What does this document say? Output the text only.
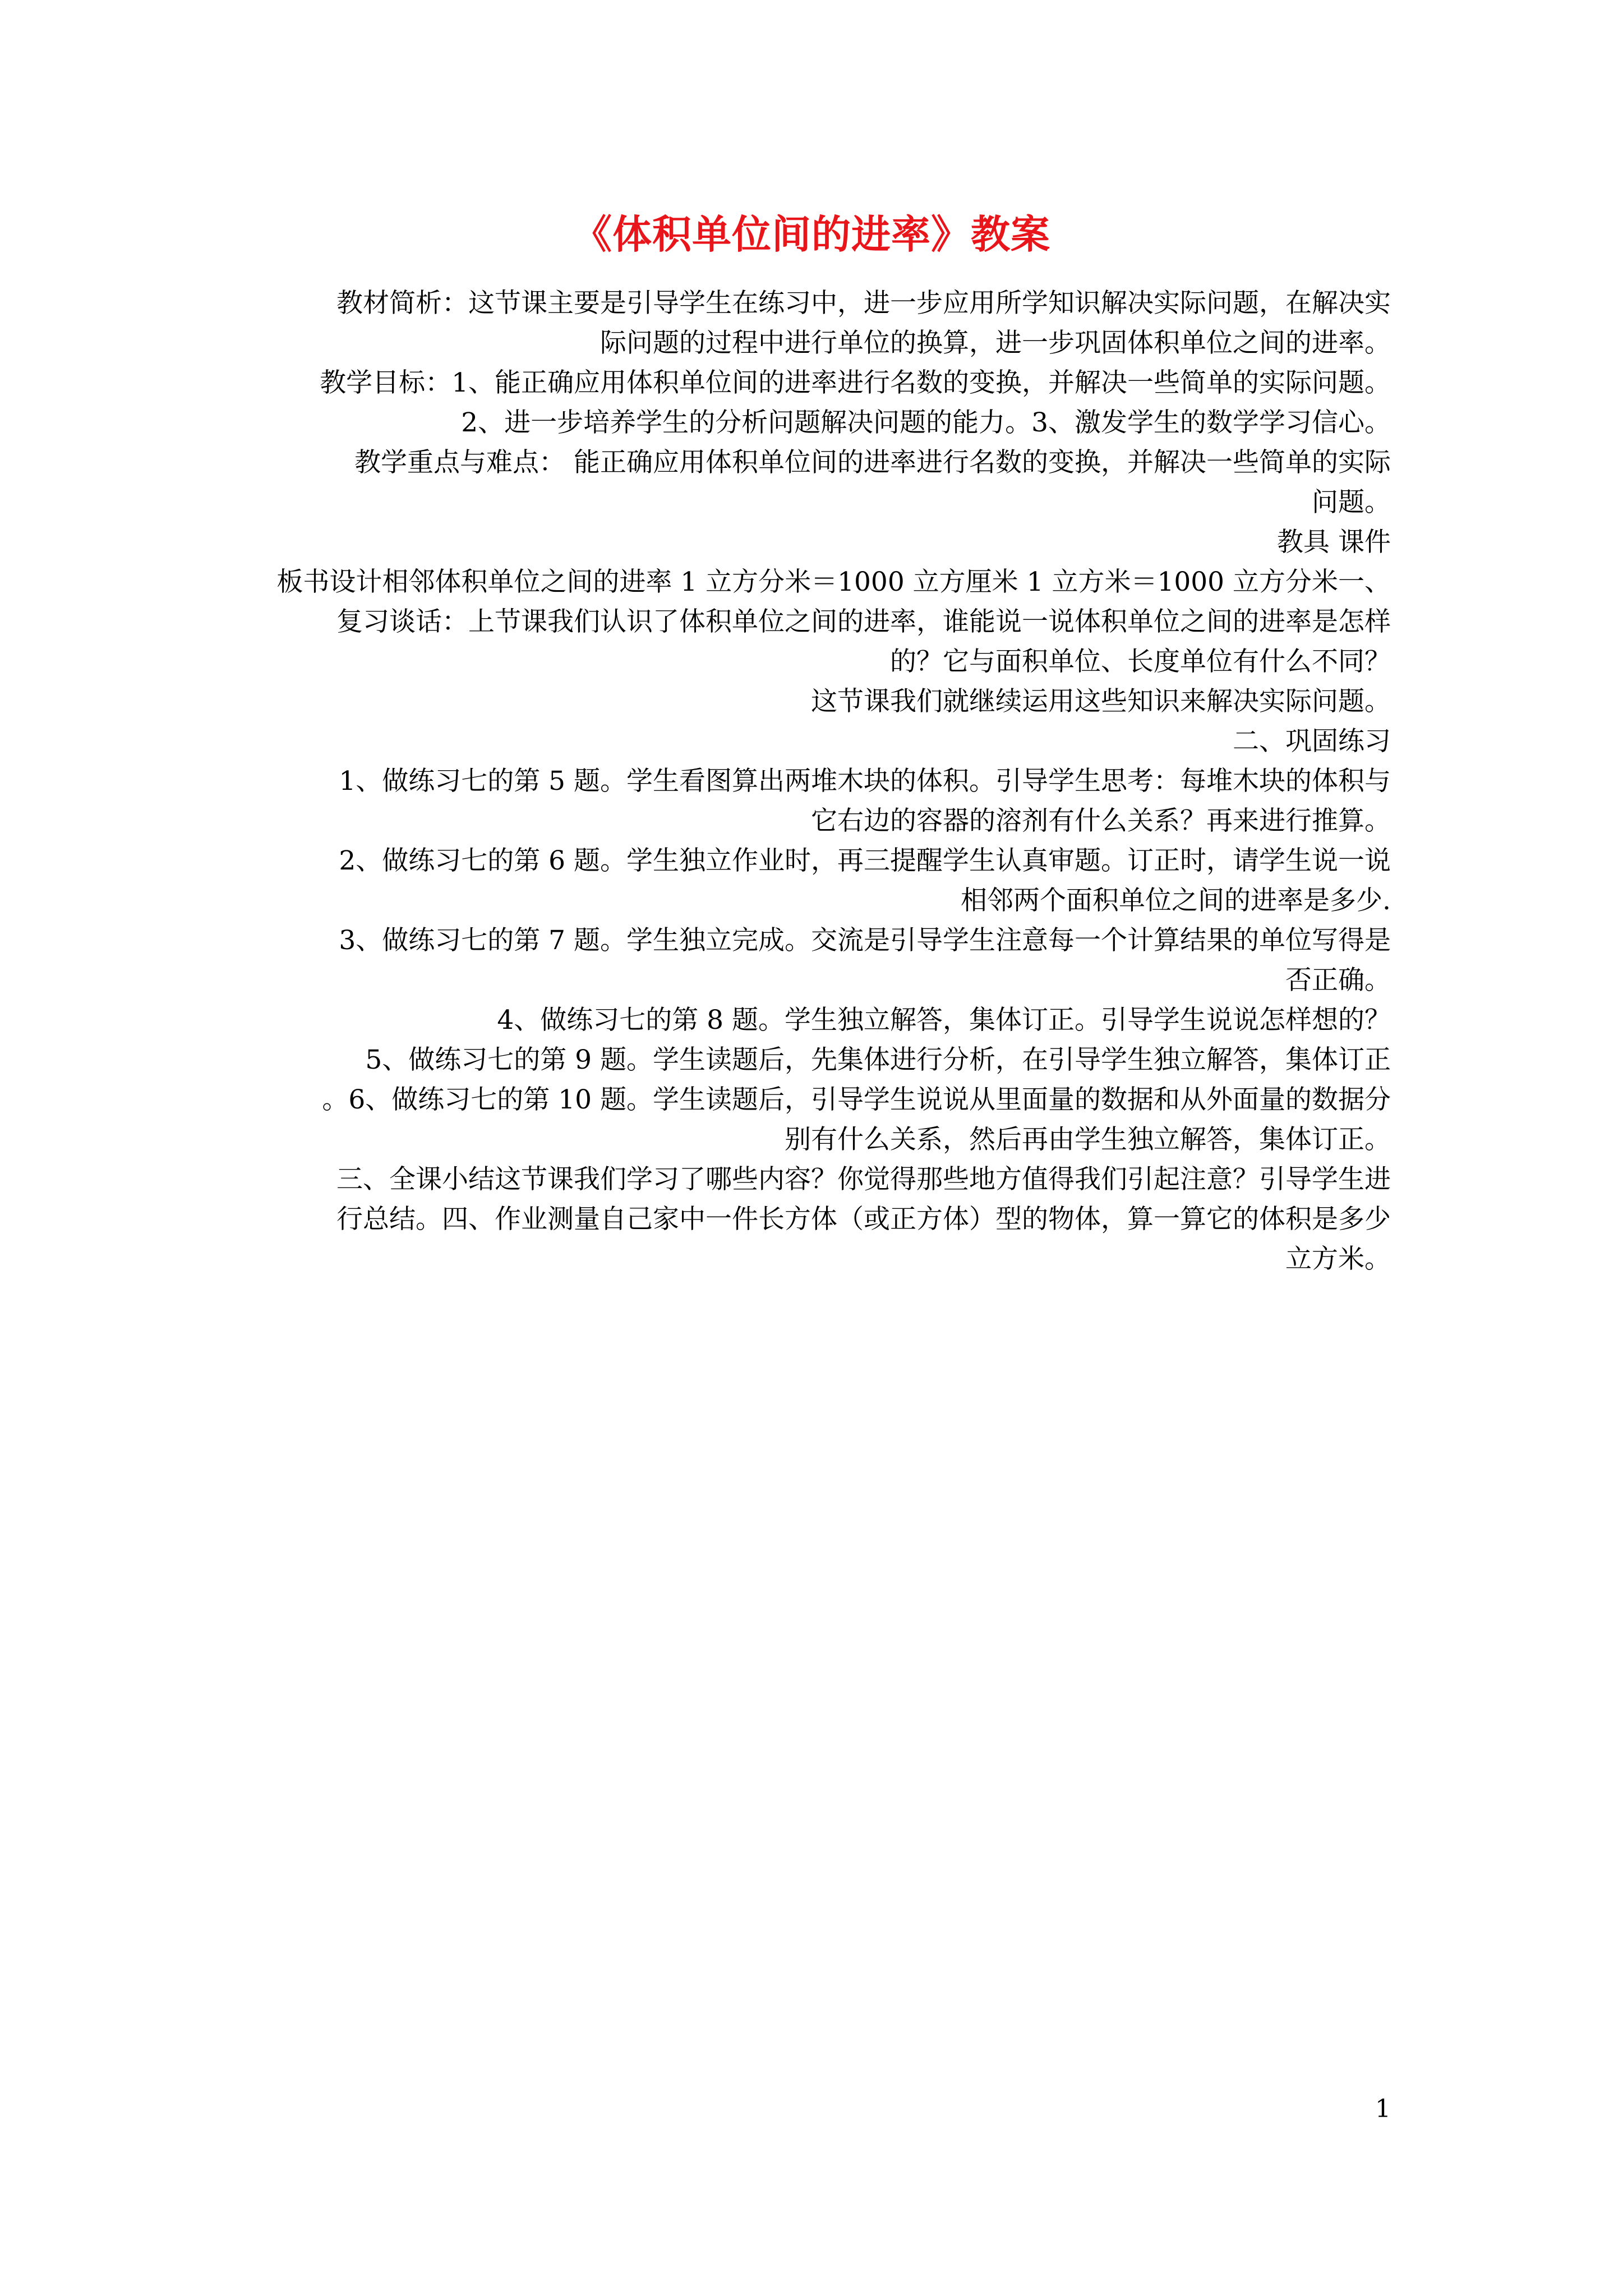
《体积单位间的进率》教案
教材简析：这节课主要是引导学生在练习中，进一步应用所学知识解决实际问题，在解决实
际问题的过程中进行单位的换算，进一步巩固体积单位之间的进率。
教学目标：1、能正确应用体积单位间的进率进行名数的变换，并解决一些简单的实际问题。
2、进一步培养学生的分析问题解决问题的能力。3、激发学生的数学学习信心。
教学重点与难点： 能正确应用体积单位间的进率进行名数的变换，并解决一些简单的实际
问题。
教具 课件
板书设计相邻体积单位之间的进率 1 立方分米＝1000 立方厘米 1 立方米＝1000 立方分米一、
复习谈话：上节课我们认识了体积单位之间的进率，谁能说一说体积单位之间的进率是怎样
的？它与面积单位、长度单位有什么不同？
这节课我们就继续运用这些知识来解决实际问题。
二、巩固练习
1、做练习七的第 5 题。学生看图算出两堆木块的体积。引导学生思考：每堆木块的体积与
它右边的容器的溶剂有什么关系？再来进行推算。
2、做练习七的第 6 题。学生独立作业时，再三提醒学生认真审题。订正时，请学生说一说
相邻两个面积单位之间的进率是多少.
3、做练习七的第 7 题。学生独立完成。交流是引导学生注意每一个计算结果的单位写得是
否正确。
4、做练习七的第 8 题。学生独立解答，集体订正。引导学生说说怎样想的？
5、做练习七的第 9 题。学生读题后，先集体进行分析，在引导学生独立解答，集体订正
。6、做练习七的第 10 题。学生读题后，引导学生说说从里面量的数据和从外面量的数据分
别有什么关系，然后再由学生独立解答，集体订正。
三、全课小结这节课我们学习了哪些内容？你觉得那些地方值得我们引起注意？引导学生进
行总结。四、作业测量自己家中一件长方体（或正方体）型的物体，算一算它的体积是多少
立方米。
1
